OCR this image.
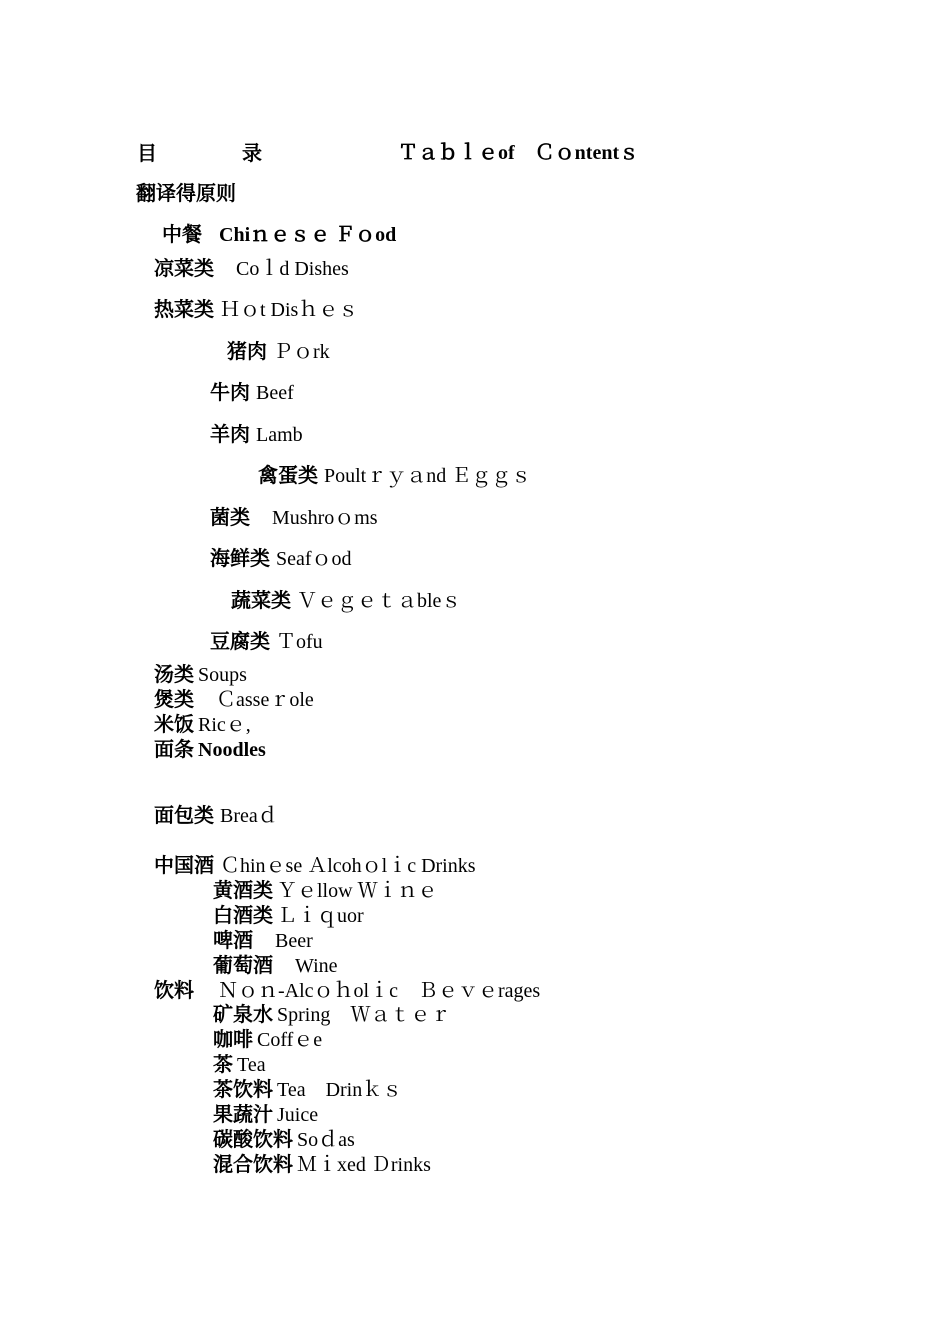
目	录	Ｔａｂｌｅof　Ｃｏntentｓ
翻译得原则
中餐 Chiｎｅｓｅ Ｆｏod
凉菜类 Coｌd Dishes
热菜类 Ｈｏt Disｈｅｓ
猪肉 Ｐｏrk
牛肉 Beef
羊肉 Lamb
禽蛋类 Poultｒｙａnd Ｅｇｇｓ
菌类 Mushroｏms
海鲜类 Seafｏod
蔬菜类 Ｖｅｇｅｔａbleｓ
豆腐类 Ｔofu
汤类 Soups
煲类 Ｃasseｒole
米饭 Ricｅ,
面条 Noodles
面包类 Breaｄ
中国酒 Ｃhinｅse Ａlcohｏlｉc Drinks
黄酒类 Ｙｅllow Ｗｉｎｅ
白酒类 Ｌｉｑuor
啤酒 Beer
葡萄酒 Wine
饮料 Ｎｏｎ-Alcｏｈolｉc　Ｂｅｖｅrages
矿泉水 Spring　Ｗａｔｅｒ
咖啡 Coffｅe
茶 Tea
茶饮料 Tea　Drinｋｓ
果蔬汁 Juice
碳酸饮料 Soｄas
混合饮料 Ｍｉxed Ｄrinks
